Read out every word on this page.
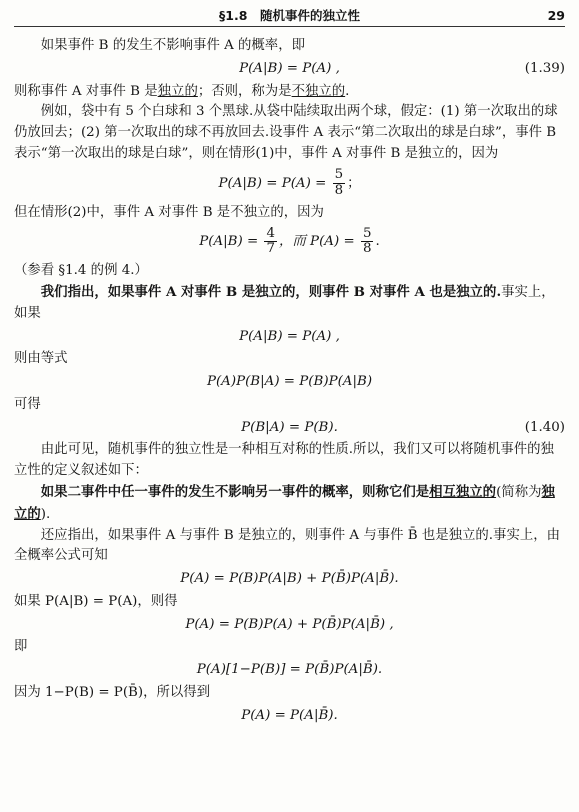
§1.8　随机事件的独立性	29

如果事件 B 的发生不影响事件 A 的概率，即

P(A|B) = P(A) ,	(1.39)

则称事件 A 对事件 B 是独立的；否则，称为是不独立的.

例如，袋中有 5 个白球和 3 个黑球.从袋中陆续取出两个球，假定：(1) 第一次取出的球仍放回去；(2) 第一次取出的球不再放回去.设事件 A 表示“第二次取出的球是白球”，事件 B 表示“第一次取出的球是白球”，则在情形(1)中，事件 A 对事件 B 是独立的，因为

$P(A|B) = P(A) = \frac{5}{8}$ ；

但在情形(2)中，事件 A 对事件 B 是不独立的，因为

$P(A|B) = \frac{4}{7}$ ，而 $P(A) = \frac{5}{8}$ .

（参看 §1.4 的例 4.）

我们指出，如果事件 A 对事件 B 是独立的，则事件 B 对事件 A 也是独立的.事实上，如果

P(A|B) = P(A) ,

则由等式

P(A)P(B|A) = P(B)P(A|B)

可得

P(B|A) = P(B).	(1.40)

由此可见，随机事件的独立性是一种相互对称的性质.所以，我们又可以将随机事件的独立性的定义叙述如下：

如果二事件中任一事件的发生不影响另一事件的概率，则称它们是相互独立的(简称为独立的).

还应指出，如果事件 A 与事件 B 是独立的，则事件 A 与事件 B̄ 也是独立的.事实上，由全概率公式可知

P(A) = P(B)P(A|B) + P(B̄)P(A|B̄).

如果 P(A|B) = P(A)，则得

P(A) = P(B)P(A) + P(B̄)P(A|B̄) ,

即

P(A)[1−P(B)] = P(B̄)P(A|B̄).

因为 1−P(B) = P(B̄)，所以得到

P(A) = P(A|B̄).
